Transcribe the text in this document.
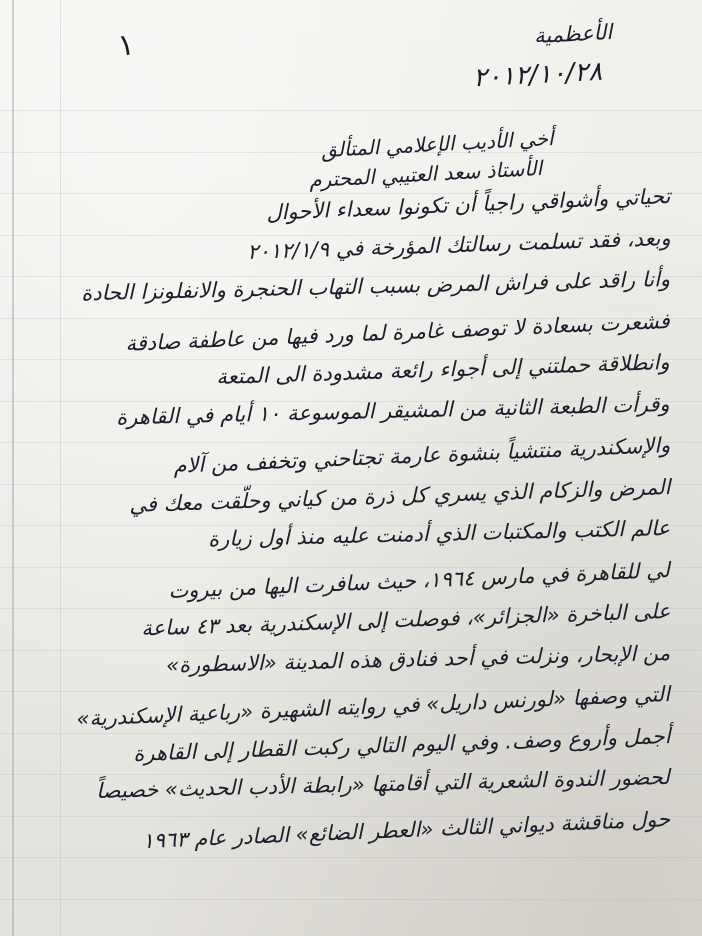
١	الأعظمية
٢٠١٢/١٠/٢٨
أخي الأديب الإعلامي المتألق
الأستاذ سعد العتيبي المحترم
تحياتي وأشواقي راجياً أن تكونوا سعداء الأحوال
وبعد، فقد تسلمت رسالتك المؤرخة في ٢٠١٢/١/٩
وأنا راقد على فراش المرض بسبب التهاب الحنجرة والانفلونزا الحادة
فشعرت بسعادة لا توصف غامرة لما ورد فيها من عاطفة صادقة
وانطلاقة حملتني إلى أجواء رائعة مشدودة الى المتعة
وقرأت الطبعة الثانية من المشيقر الموسوعة ١٠ أيام في القاهرة
والإسكندرية منتشياً بنشوة عارمة تجتاحني وتخفف من آلام
المرض والزكام الذي يسري كل ذرة من كياني وحلّقت معك في
عالم الكتب والمكتبات الذي أدمنت عليه منذ أول زيارة
لي للقاهرة في مارس ١٩٦٤، حيث سافرت اليها من بيروت
على الباخرة «الجزائر»، فوصلت إلى الإسكندرية بعد ٤٣ ساعة
من الإبحار، ونزلت في أحد فنادق هذه المدينة «الاسطورة»
التي وصفها «لورنس داريل» في روايته الشهيرة «رباعية الإسكندرية»
أجمل وأروع وصف. وفي اليوم التالي ركبت القطار إلى القاهرة
لحضور الندوة الشعرية التي أقامتها «رابطة الأدب الحديث» خصيصاً
حول مناقشة ديواني الثالث «العطر الضائع» الصادر عام ١٩٦٣
